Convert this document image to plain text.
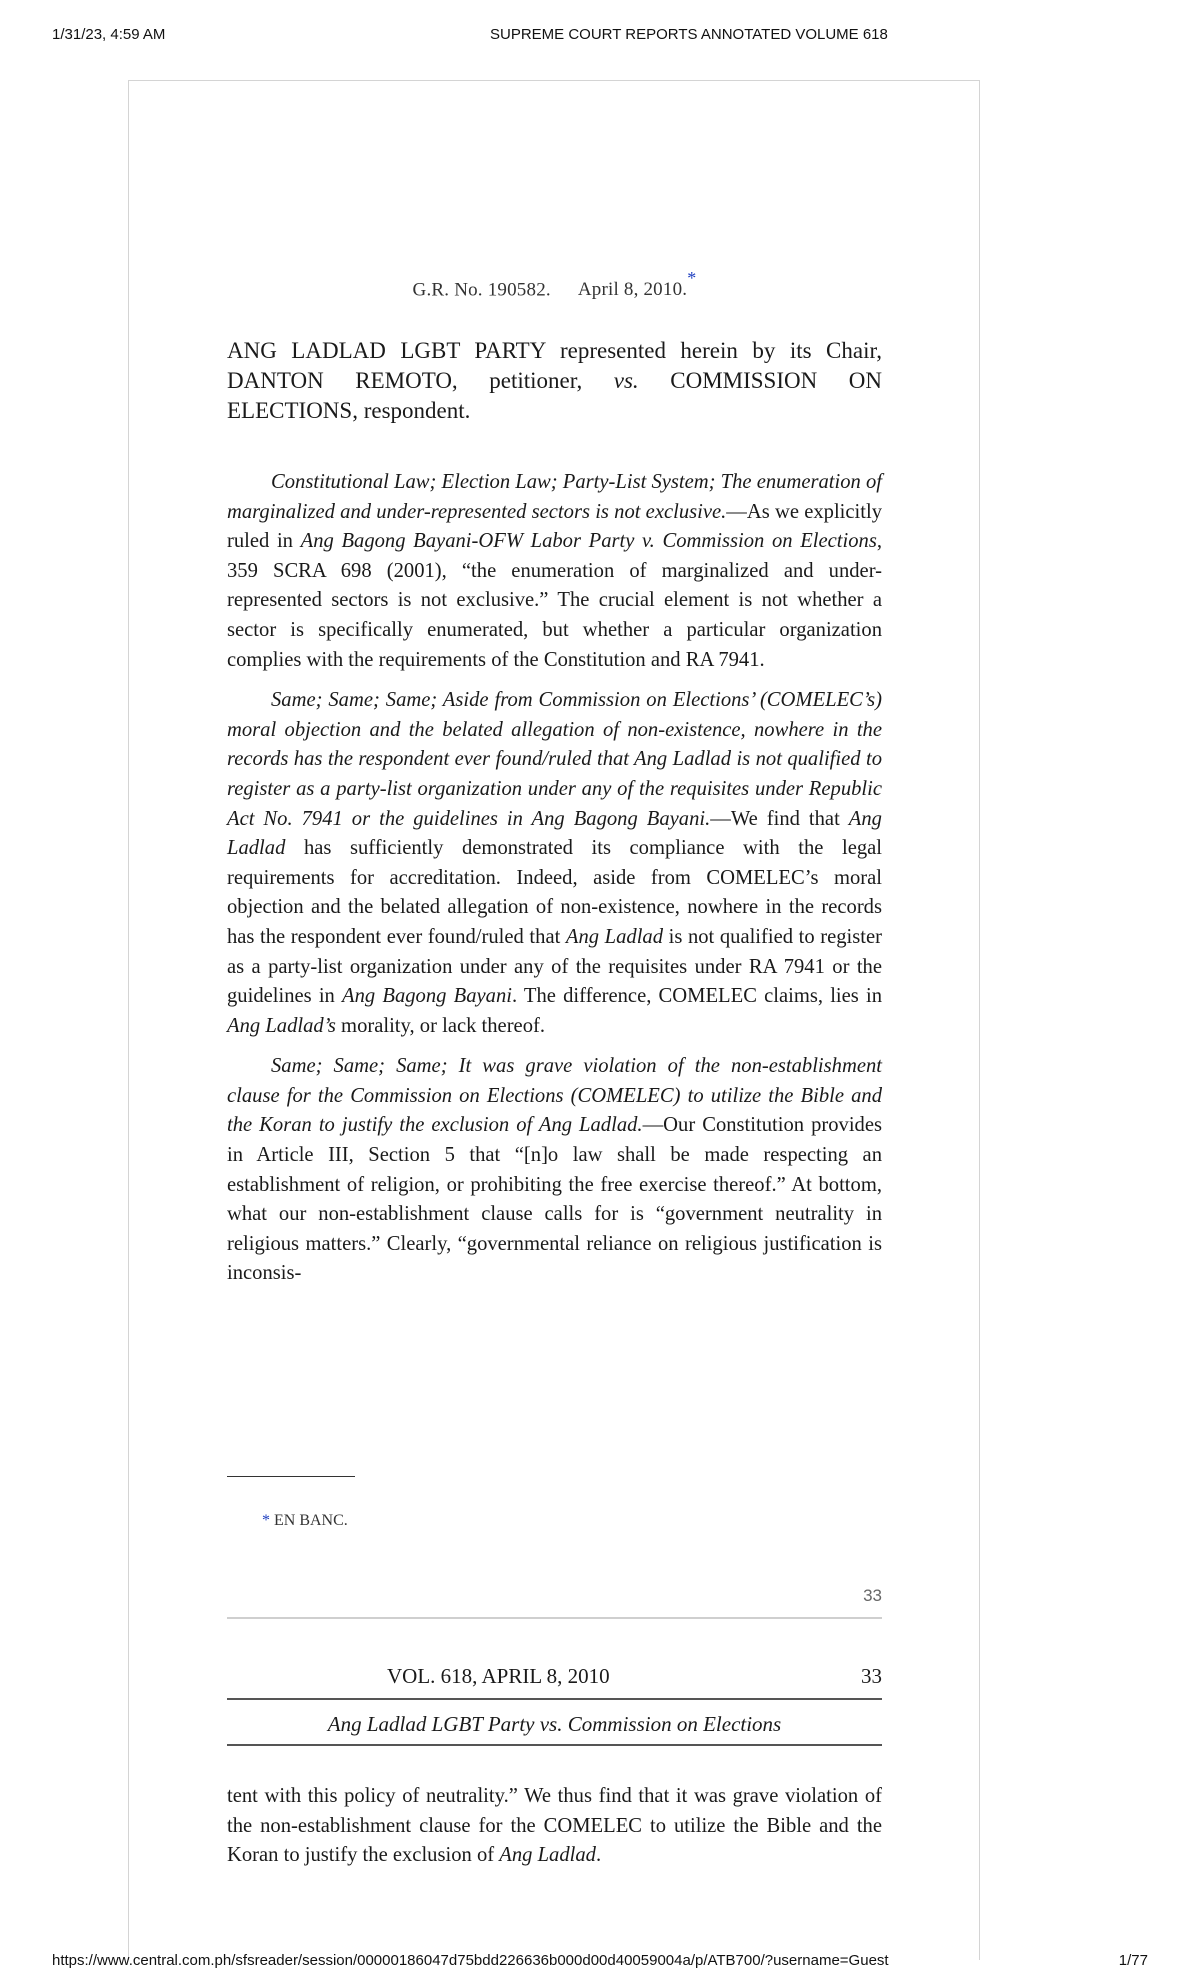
1/31/23, 4:59 AM	SUPREME COURT REPORTS ANNOTATED VOLUME 618
G.R. No. 190582. April 8, 2010.*
ANG LADLAD LGBT PARTY represented herein by its Chair, DANTON REMOTO, petitioner, vs. COMMISSION ON ELECTIONS, respondent.

Constitutional Law; Election Law; Party-List System; The enumeration of marginalized and under-represented sectors is not exclusive.—As we explicitly ruled in Ang Bagong Bayani-OFW Labor Party v. Commission on Elections, 359 SCRA 698 (2001), “the enumeration of marginalized and under-represented sectors is not exclusive.” The crucial element is not whether a sector is specifically enumerated, but whether a particular organization complies with the requirements of the Constitution and RA 7941.

Same; Same; Same; Aside from Commission on Elections’ (COMELEC’s) moral objection and the belated allegation of non-existence, nowhere in the records has the respondent ever found/ruled that Ang Ladlad is not qualified to register as a party-list organization under any of the requisites under Republic Act No. 7941 or the guidelines in Ang Bagong Bayani.—We find that Ang Ladlad has sufficiently demonstrated its compliance with the legal requirements for accreditation. Indeed, aside from COMELEC’s moral objection and the belated allegation of non-existence, nowhere in the records has the respondent ever found/ruled that Ang Ladlad is not qualified to register as a party-list organization under any of the requisites under RA 7941 or the guidelines in Ang Bagong Bayani. The difference, COMELEC claims, lies in Ang Ladlad’s morality, or lack thereof.

Same; Same; Same; It was grave violation of the non-establishment clause for the Commission on Elections (COMELEC) to utilize the Bible and the Koran to justify the exclusion of Ang Ladlad.—Our Constitution provides in Article III, Section 5 that “[n]o law shall be made respecting an establishment of religion, or prohibiting the free exercise thereof.” At bottom, what our non-establishment clause calls for is “government neutrality in religious matters.” Clearly, “governmental reliance on religious justification is inconsis-

* EN BANC.
33
VOL. 618, APRIL 8, 2010	33
Ang Ladlad LGBT Party vs. Commission on Elections

tent with this policy of neutrality.” We thus find that it was grave violation of the non-establishment clause for the COMELEC to utilize the Bible and the Koran to justify the exclusion of Ang Ladlad.

https://www.central.com.ph/sfsreader/session/00000186047d75bdd226636b000d00d40059004a/p/ATB700/?username=Guest	1/77
